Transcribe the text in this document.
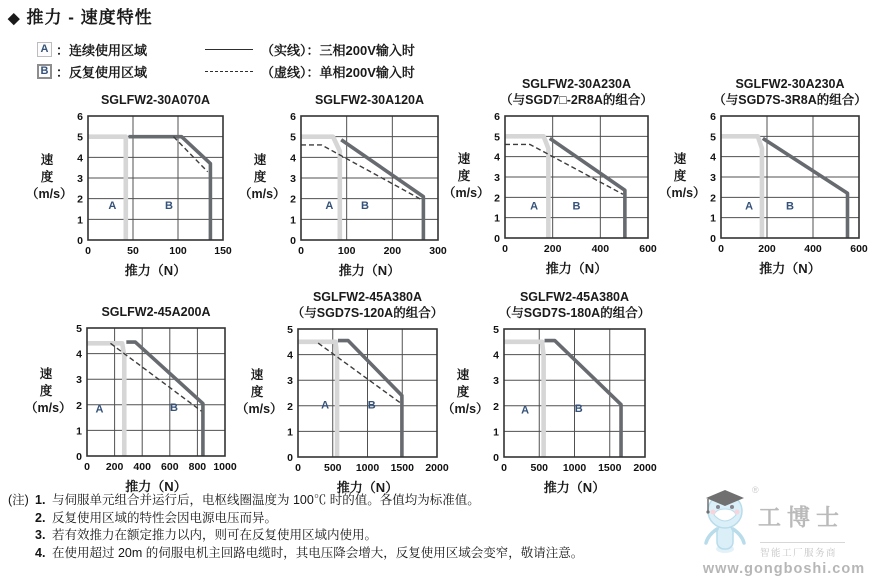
◆ 推力 - 速度特性
A ：连续使用区域
B ：反复使用区域
（实线）：三相200V输入时
（虚线）：单相200V输入时
SGLFW2-30A070A
速
度
（m/s）
A	B
0
1
2
3
4
5
6
0	50	100	150
推力（N）
SGLFW2-30A120A
速
度
（m/s）
A	B
0
1
2
3
4
5
6
0	100	200	300
推力（N）
SGLFW2-30A230A
（与SGD7□-2R8A的组合）
速
度
（m/s）
A	B
0
1
2
3
4
5
6
0	200	400	600
推力（N）
SGLFW2-30A230A
（与SGD7S-3R8A的组合）
速
度
（m/s）
A	B
0
1
2
3
4
5
6
0	200	400	600
推力（N）
SGLFW2-45A200A
速
度
（m/s） A	B
0
1
2
3
4
5
0 200 400 600 800 1000
推力（N）
SGLFW2-45A380A
（与SGD7S-120A的组合）
速
度
（m/s）	A	B
0
1
2
3
4
5
0 500 1000 1500 2000
推力（N）
SGLFW2-45A380A
（与SGD7S-180A的组合）
速
度
（m/s）	A	B
0
1
2
3
4
5
0 500 1000 1500 2000
推力（N）
(注) 1. 与伺服单元组合并运行后，电枢线圈温度为 100℃ 时的值。各值均为标准值。
2. 反复使用区域的特性会因电源电压而异。
3. 若有效推力在额定推力以内，则可在反复使用区域内使用。
4. 在使用超过 20m 的伺服电机主回路电缆时，其电压降会增大，反复使用区域会变窄，敬请注意。
®
工博士
智能工厂服务商
www.gongboshi.com
